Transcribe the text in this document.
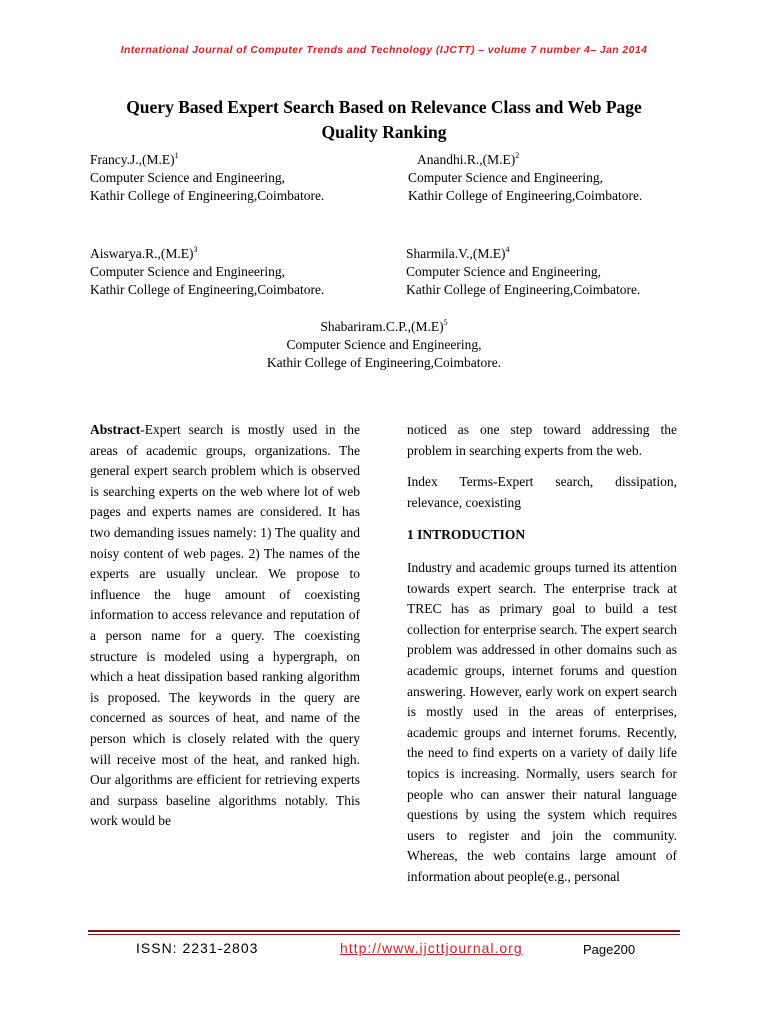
International Journal of Computer Trends and Technology (IJCTT) – volume 7 number 4– Jan 2014
Query Based Expert Search Based on Relevance Class and Web Page
Quality Ranking
$Francy.J.,(M.E)^1$
Computer Science and Engineering,
Kathir College of Engineering,Coimbatore.
$Anandhi.R.,(M.E)^2$
Computer Science and Engineering,
Kathir College of Engineering,Coimbatore.
$Aiswarya.R.,(M.E)^3$
Computer Science and Engineering,
Kathir College of Engineering,Coimbatore.
$Sharmila.V.,(M.E)^4$
Computer Science and Engineering,
Kathir College of Engineering,Coimbatore.
$Shabariram.C.P.,(M.E)^5$
Computer Science and Engineering,
Kathir College of Engineering,Coimbatore.

Abstract-Expert search is mostly used in the areas of academic groups, organizations. The general expert search problem which is observed is searching experts on the web where lot of web pages and experts names are considered. It has two demanding issues namely: 1) The quality and noisy content of web pages. 2) The names of the experts are usually unclear. We propose to influence the huge amount of coexisting information to access relevance and reputation of a person name for a query. The coexisting structure is modeled using a hypergraph, on which a heat dissipation based ranking algorithm is proposed. The keywords in the query are concerned as sources of heat, and name of the person which is closely related with the query will receive most of the heat, and ranked high. Our algorithms are efficient for retrieving experts and surpass baseline algorithms notably. This work would be

noticed as one step toward addressing the problem in searching experts from the web.

Index Terms-Expert search, dissipation, relevance, coexisting

1 INTRODUCTION

Industry and academic groups turned its attention towards expert search. The enterprise track at TREC has as primary goal to build a test collection for enterprise search. The expert search problem was addressed in other domains such as academic groups, internet forums and question answering. However, early work on expert search is mostly used in the areas of enterprises, academic groups and internet forums. Recently, the need to find experts on a variety of daily life topics is increasing. Normally, users search for people who can answer their natural language questions by using the system which requires users to register and join the community. Whereas, the web contains large amount of information about people(e.g., personal

ISSN: 2231-2803	http://www.ijcttjournal.org	Page200
